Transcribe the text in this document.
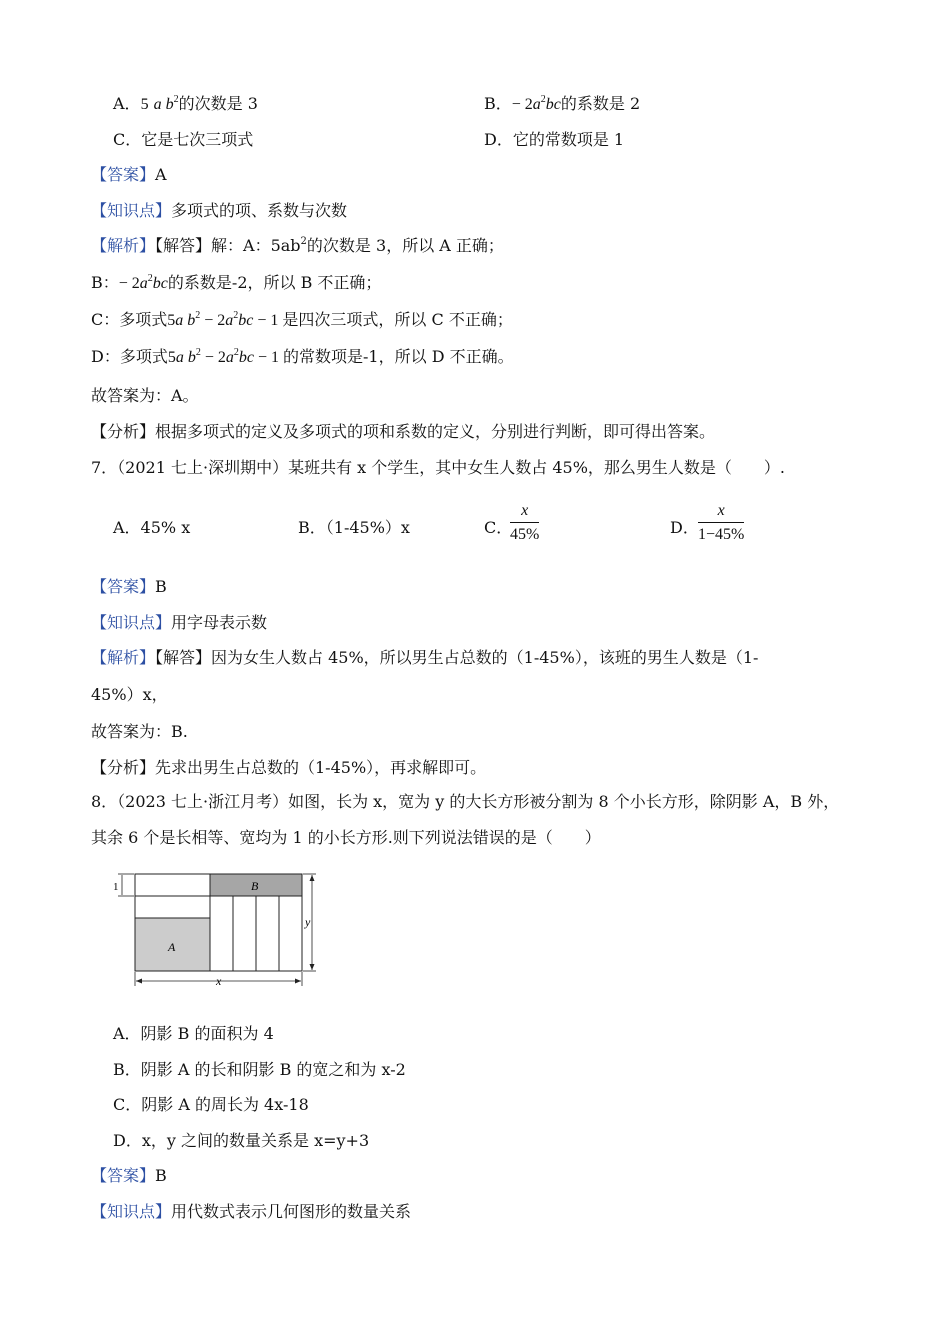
A．5 a $b^2$的次数是 3	B．− $2a^2bc$的系数是 2
C．它是七次三项式	D．它的常数项是 1
【答案】A
【知识点】多项式的项、系数与次数
【解析】【解答】解：A：$5ab^2$的次数是 3，所以 A 正确；
B：− $2a^2bc$的系数是-2，所以 B 不正确；
C：多项式5a $b^2 - 2a^2bc - 1$ 是四次三项式，所以 C 不正确；
D：多项式5a $b^2 - 2a^2bc - 1$ 的常数项是-1，所以 D 不正确。
故答案为：A。
【分析】根据多项式的定义及多项式的项和系数的定义，分别进行判断，即可得出答案。
7．（2021 七上·深圳期中）某班共有 x 个学生，其中女生人数占 45%，那么男生人数是（　　）.
A．45% x	B．（1-45%）x	C．
$\frac{x}{45\%}$	D． $\frac{x}{1-45\%}$
【答案】B
【知识点】用字母表示数
【解析】【解答】因为女生人数占 45%，所以男生占总数的（1-45%），该班的男生人数是（1-
45%）x，
故答案为：B.
【分析】先求出男生占总数的（1-45%），再求解即可。
8．（2023 七上·浙江月考）如图，长为 x，宽为 y 的大长方形被分割为 8 个小长方形，除阴影 A，B 外，
其余 6 个是长相等、宽均为 1 的小长方形.则下列说法错误的是（　　）
1
y
x
A
B
A．阴影 B 的面积为 4
B．阴影 A 的长和阴影 B 的宽之和为 x-2
C．阴影 A 的周长为 4x-18
D．x，y 之间的数量关系是 x=y+3
【答案】B
【知识点】用代数式表示几何图形的数量关系
